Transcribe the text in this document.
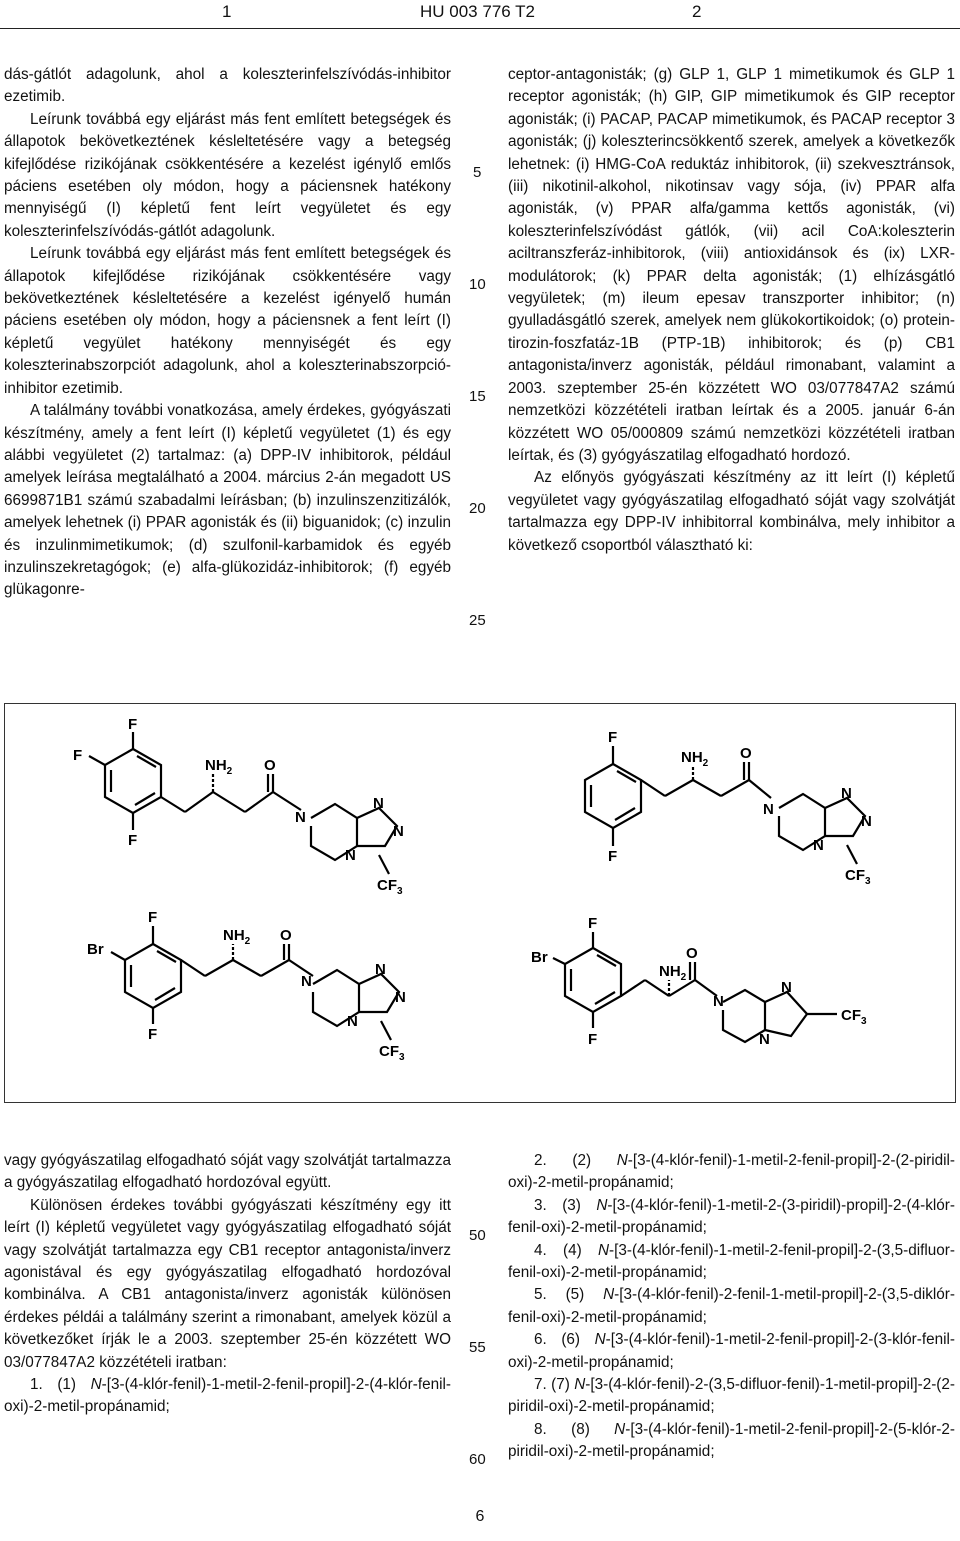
1	HU 003 776 T2	2

dás-gátlót adagolunk, ahol a koleszterinfelszívódás-inhibitor ezetimib.

Leírunk továbbá egy eljárást más fent említett betegségek és állapotok bekövetkeztének késleltetésére vagy a betegség kifejlődése rizikójának csökkentésére a kezelést igénylő emlős páciens esetében oly módon, hogy a páciensnek hatékony mennyiségű (I) képletű fent leírt vegyületet és egy koleszterinfelszívódás-gátlót adagolunk.

Leírunk továbbá egy eljárást más fent említett betegségek és állapotok kifejlődése rizikójának csökkentésére vagy bekövetkeztének késleltetésére a kezelést igényelő humán páciens esetében oly módon, hogy a páciensnek a fent leírt (I) képletű vegyület hatékony mennyiségét és egy koleszterinabszorpciót adagolunk, ahol a koleszterinabszorpció-inhibitor ezetimib.

A találmány további vonatkozása, amely érdekes, gyógyászati készítmény, amely a fent leírt (I) képletű vegyületet (1) és egy alábbi vegyületet (2) tartalmaz: (a) DPP-IV inhibitorok, például amelyek leírása megtalálható a 2004. március 2-án megadott US 6699871B1 számú szabadalmi leírásban; (b) inzulinszenzitizálók, amelyek lehetnek (i) PPAR agonisták és (ii) biguanidok; (c) inzulin és inzulinmimetikumok; (d) szulfonil-karbamidok és egyéb inzulinszekretagógok; (e) alfa-glükozidáz-inhibitorok; (f) egyéb glükagonre-

5
10
15
20
25

ceptor-antagonisták; (g) GLP 1, GLP 1 mimetikumok és GLP 1 receptor agonisták; (h) GIP, GIP mimetikumok és GIP receptor agonisták; (i) PACAP, PACAP mimetikumok, és PACAP receptor 3 agonisták; (j) koleszterincsökkentő szerek, amelyek a következők lehetnek: (i) HMG-CoA reduktáz inhibitorok, (ii) szekvesztránsok, (iii) nikotinil-alkohol, nikotinsav vagy sója, (iv) PPAR alfa agonisták, (v) PPAR alfa/gamma kettős agonisták, (vi) koleszterinfelszívódást gátlók, (vii) acil CoA:koleszterin aciltranszferáz-inhibitorok, (viii) antioxidánsok és (ix) LXR-modulátorok; (k) PPAR delta agonisták; (1) elhízásgátló vegyületek; (m) ileum epesav transzporter inhibitor; (n) gyulladásgátló szerek, amelyek nem glükokortikoidok; (o) protein-tirozin-foszfatáz-1B (PTP-1B) inhibitorok; és (p) CB1 antagonista/inverz agonisták, például rimonabant, valamint a 2003. szeptember 25-én közzétett WO 03/077847A2 számú nemzetközi közzétételi iratban leírtak és a 2005. január 6-án közzétett WO 05/000809 számú nemzetközi közzétételi iratban leírtak, és (3) gyógyászatilag elfogadható hordozó.

Az előnyös gyógyászati készítmény az itt leírt (I) képletű vegyületet vagy gyógyászatilag elfogadható sóját vagy szolvátját tartalmazza egy DPP-IV inhibitorral kombinálva, mely inhibitor a következő csoportból választható ki:

F
F
F
$NH_2$ O
N
N
N
N
$CF_3$
F
F
$NH_2$
O
N
N
N
N
$CF_3$
F
Br
F
$NH_2$ O
N
N
N
N
$CF_3$
F
Br
F
$NH_2$
O
N
N
N
$CF_3$

vagy gyógyászatilag elfogadható sóját vagy szolvátját tartalmazza a gyógyászatilag elfogadható hordozóval együtt.

Különösen érdekes további gyógyászati készítmény egy itt leírt (I) képletű vegyületet vagy gyógyászatilag elfogadható sóját vagy szolvátját tartalmazza egy CB1 receptor antagonista/inverz agonistával és egy gyógyászatilag elfogadható hordozóval kombinálva. A CB1 antagonista/inverz agonisták különösen érdekes példái a találmány szerint a rimonabant, amelyek közül a következőket írják le a 2003. szeptember 25-én közzétett WO 03/077847A2 közzétételi iratban:

1. (1) N-[3-(4-klór-fenil)-1-metil-2-fenil-propil]-2-(4-klór-fenil-oxi)-2-metil-propánamid;

50
55
60

2. (2) N-[3-(4-klór-fenil)-1-metil-2-fenil-propil]-2-(2-piridil-oxi)-2-metil-propánamid;

3. (3) N-[3-(4-klór-fenil)-1-metil-2-(3-piridil)-propil]-2-(4-klór-fenil-oxi)-2-metil-propánamid;

4. (4) N-[3-(4-klór-fenil)-1-metil-2-fenil-propil]-2-(3,5-difluor-fenil-oxi)-2-metil-propánamid;

5. (5) N-[3-(4-klór-fenil)-2-fenil-1-metil-propil]-2-(3,5-diklór-fenil-oxi)-2-metil-propánamid;

6. (6) N-[3-(4-klór-fenil)-1-metil-2-fenil-propil]-2-(3-klór-fenil-oxi)-2-metil-propánamid;

7. (7) N-[3-(4-klór-fenil)-2-(3,5-difluor-fenil)-1-metil-propil]-2-(2-piridil-oxi)-2-metil-propánamid;

8. (8) N-[3-(4-klór-fenil)-1-metil-2-fenil-propil]-2-(5-klór-2-piridil-oxi)-2-metil-propánamid;

6
